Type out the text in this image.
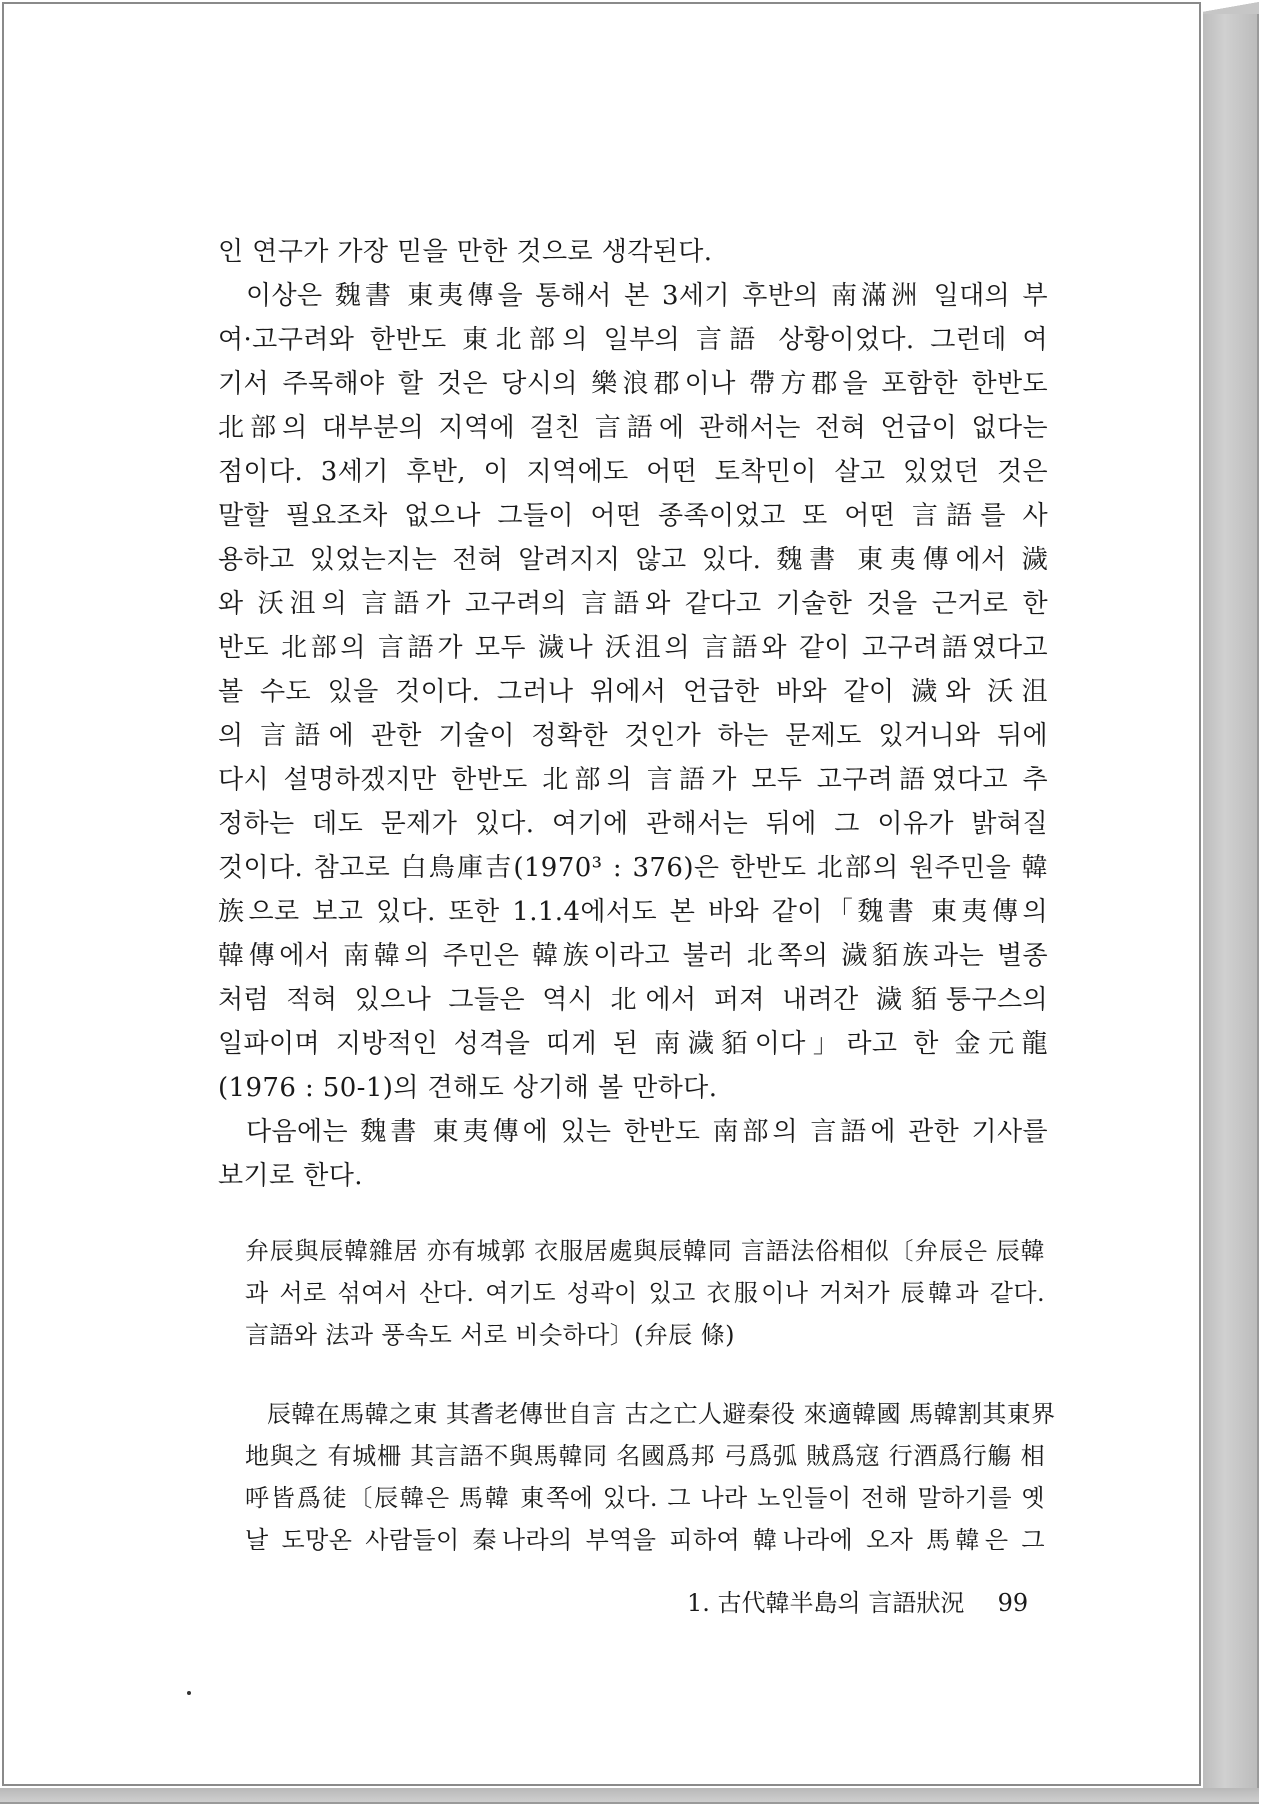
인 연구가 가장 믿을 만한 것으로 생각된다.
이상은 魏書 東夷傳을 통해서 본 3세기 후반의 南滿洲 일대의 부
여·고구려와 한반도 東北部의 일부의 言語 상황이었다. 그런데 여
기서 주목해야 할 것은 당시의 樂浪郡이나 帶方郡을 포함한 한반도
北部의 대부분의 지역에 걸친 言語에 관해서는 전혀 언급이 없다는
점이다. 3세기 후반, 이 지역에도 어떤 토착민이 살고 있었던 것은
말할 필요조차 없으나 그들이 어떤 종족이었고 또 어떤 言語를 사
용하고 있었는지는 전혀 알려지지 않고 있다. 魏書 東夷傳에서 濊
와 沃沮의 言語가 고구려의 言語와 같다고 기술한 것을 근거로 한
반도 北部의 言語가 모두 濊나 沃沮의 言語와 같이 고구려語였다고
볼 수도 있을 것이다. 그러나 위에서 언급한 바와 같이 濊와 沃沮
의 言語에 관한 기술이 정확한 것인가 하는 문제도 있거니와 뒤에
다시 설명하겠지만 한반도 北部의 言語가 모두 고구려語였다고 추
정하는 데도 문제가 있다. 여기에 관해서는 뒤에 그 이유가 밝혀질
것이다. 참고로 白鳥庫吉(1970³ : 376)은 한반도 北部의 원주민을 韓
族으로 보고 있다. 또한 1.1.4에서도 본 바와 같이「魏書 東夷傳의
韓傳에서 南韓의 주민은 韓族이라고 불러 北쪽의 濊貊族과는 별종
처럼 적혀 있으나 그들은 역시 北에서 퍼져 내려간 濊貊퉁구스의
일파이며 지방적인 성격을 띠게 된 南濊貊이다」라고 한 金元龍
(1976 : 50-1)의 견해도 상기해 볼 만하다.
다음에는 魏書 東夷傳에 있는 한반도 南部의 言語에 관한 기사를
보기로 한다.
弁辰與辰韓雜居 亦有城郭 衣服居處與辰韓同 言語法俗相似〔弁辰은 辰韓
과 서로 섞여서 산다. 여기도 성곽이 있고 衣服이나 거처가 辰韓과 같다.
言語와 法과 풍속도 서로 비슷하다〕(弁辰 條)
辰韓在馬韓之東 其耆老傳世自言 古之亡人避秦役 來適韓國 馬韓割其東界
地與之 有城柵 其言語不與馬韓同 名國爲邦 弓爲弧 賊爲寇 行酒爲行觴 相
呼皆爲徒〔辰韓은 馬韓 東쪽에 있다. 그 나라 노인들이 전해 말하기를 옛
날 도망온 사람들이 秦나라의 부역을 피하여 韓나라에 오자 馬韓은 그
1. 古代韓半島의 言語狀況 99
